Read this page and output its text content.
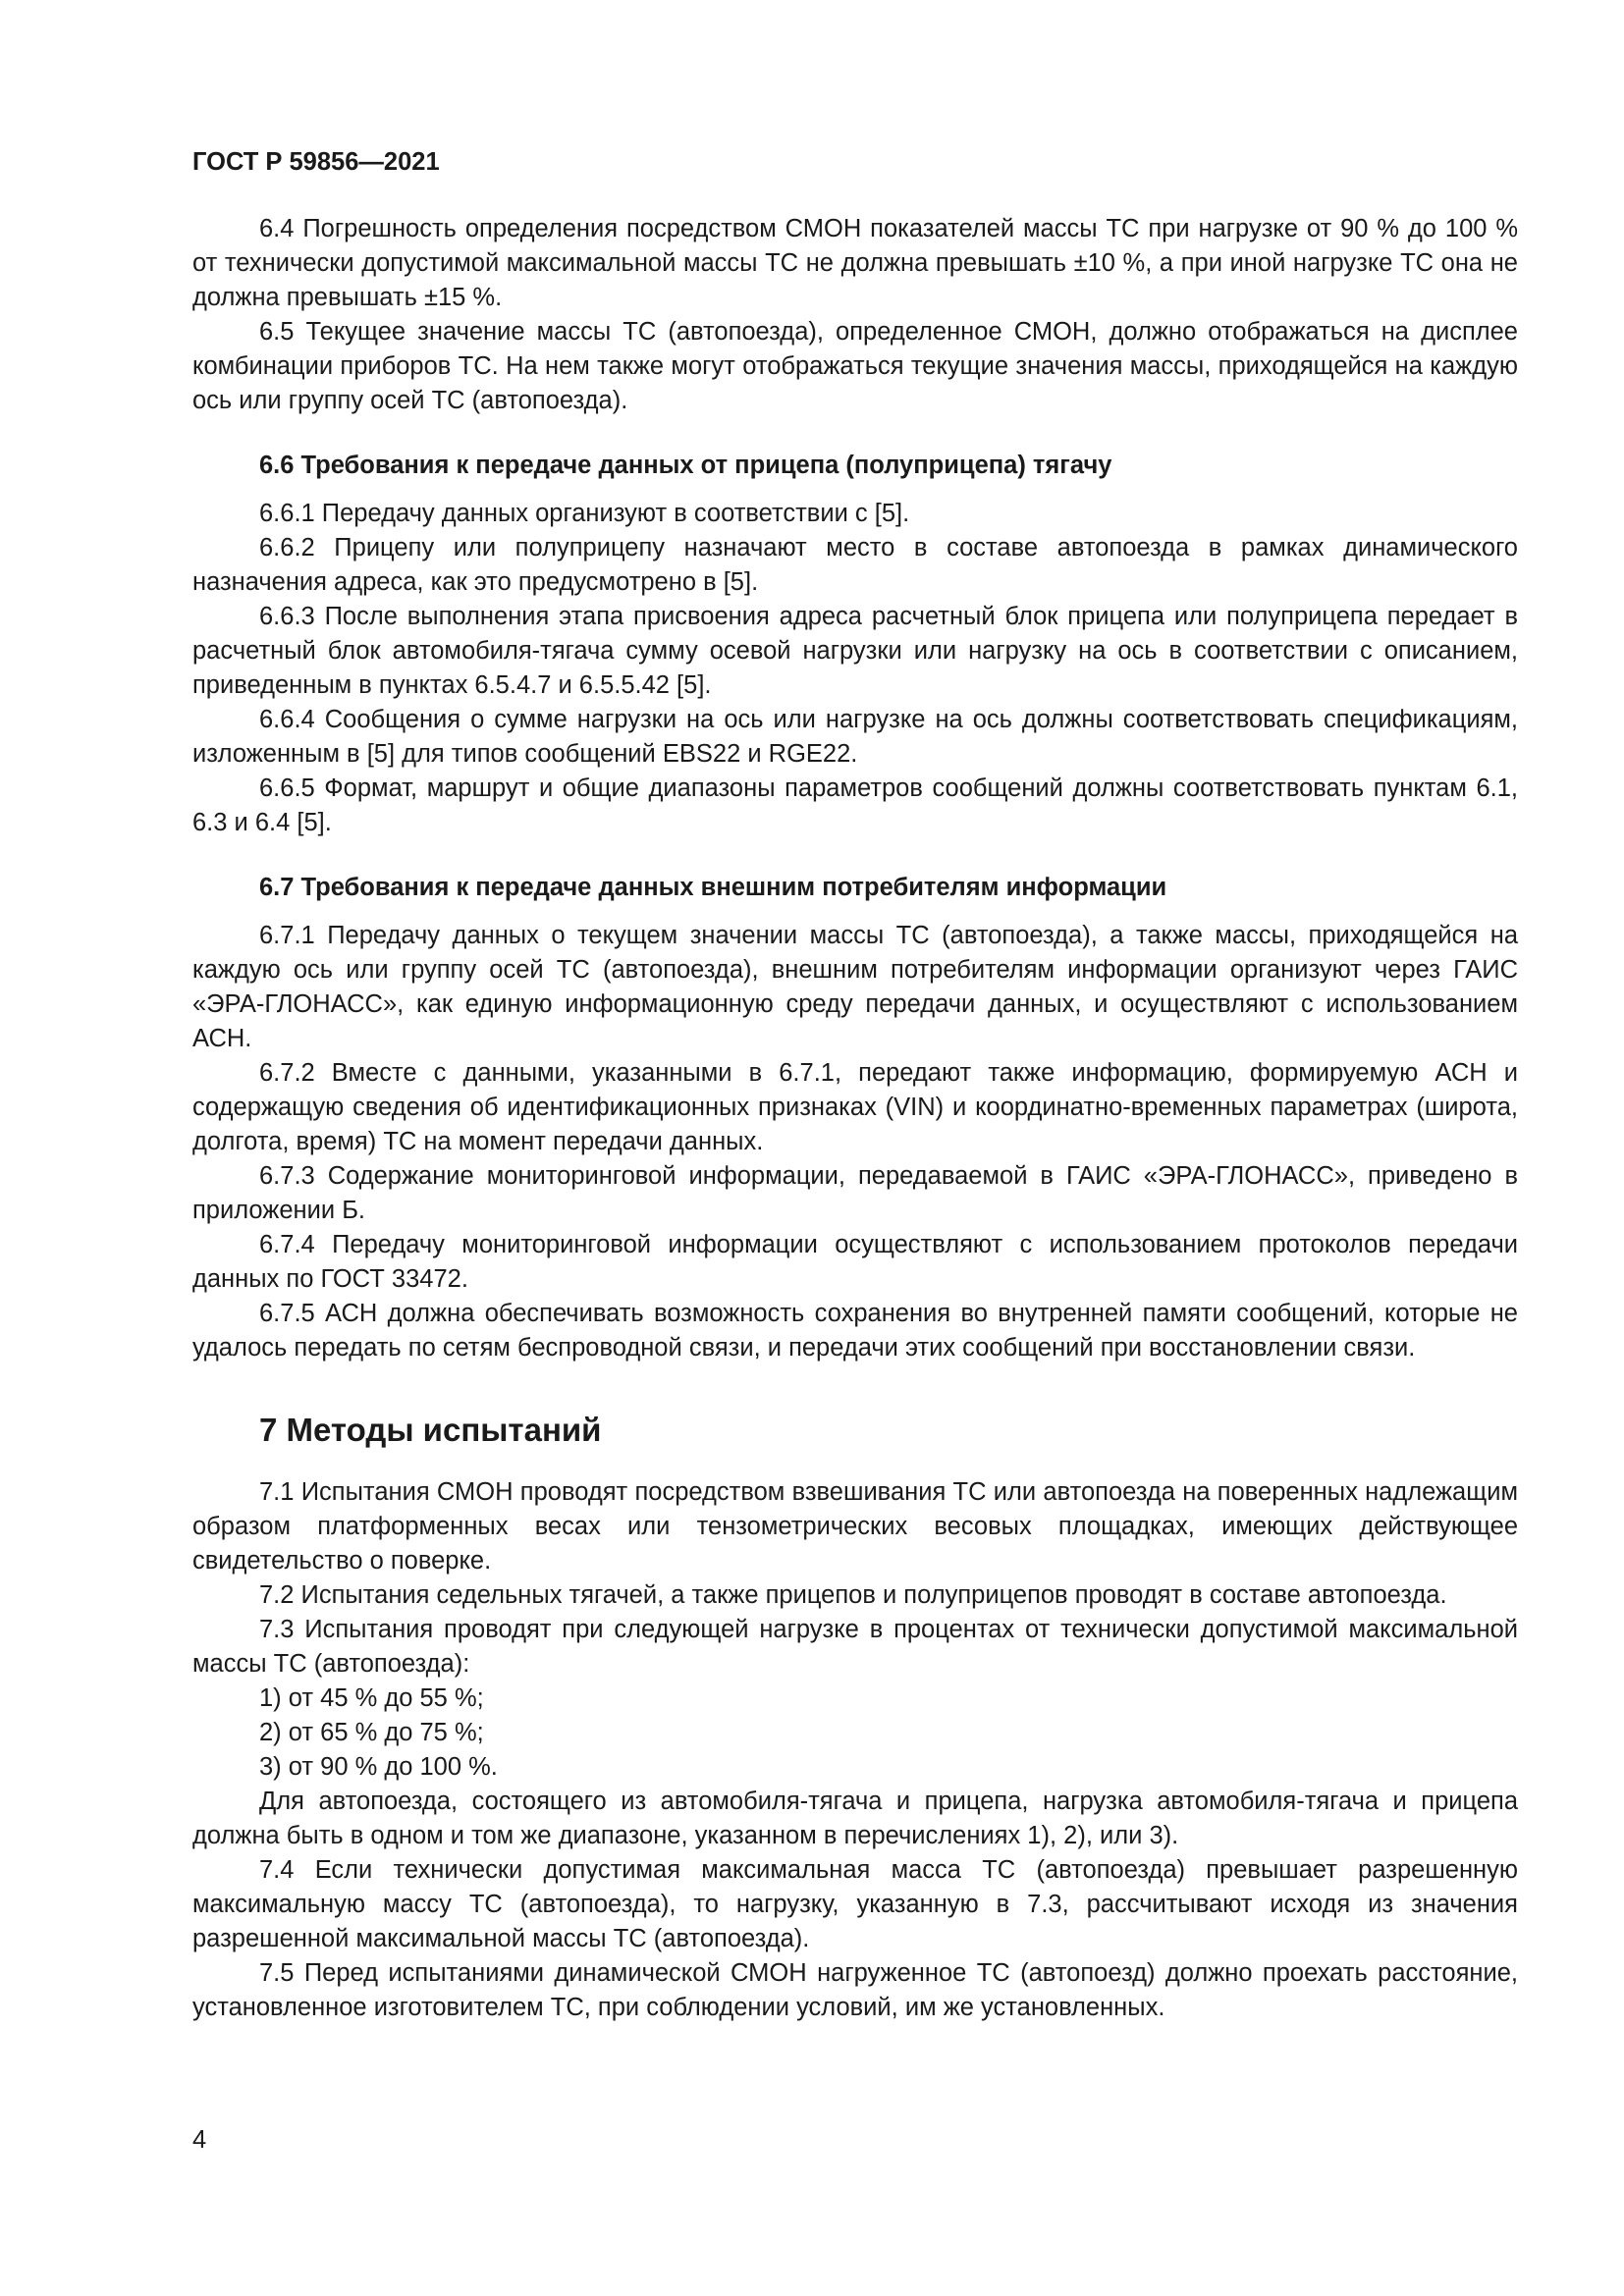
ГОСТ Р 59856—2021

6.4 Погрешность определения посредством СМОН показателей массы ТС при нагрузке от 90 % до 100 % от технически допустимой максимальной массы ТС не должна превышать ±10 %, а при иной нагрузке ТС она не должна превышать ±15 %.

6.5 Текущее значение массы ТС (автопоезда), определенное СМОН, должно отображаться на дисплее комбинации приборов ТС. На нем также могут отображаться текущие значения массы, приходящейся на каждую ось или группу осей ТС (автопоезда).

6.6 Требования к передаче данных от прицепа (полуприцепа) тягачу

6.6.1 Передачу данных организуют в соответствии с [5].

6.6.2 Прицепу или полуприцепу назначают место в составе автопоезда в рамках динамического назначения адреса, как это предусмотрено в [5].

6.6.3 После выполнения этапа присвоения адреса расчетный блок прицепа или полуприцепа передает в расчетный блок автомобиля-тягача сумму осевой нагрузки или нагрузку на ось в соответствии с описанием, приведенным в пунктах 6.5.4.7 и 6.5.5.42 [5].

6.6.4 Сообщения о сумме нагрузки на ось или нагрузке на ось должны соответствовать спецификациям, изложенным в [5] для типов сообщений EBS22 и RGE22.

6.6.5 Формат, маршрут и общие диапазоны параметров сообщений должны соответствовать пунктам 6.1, 6.3 и 6.4 [5].

6.7 Требования к передаче данных внешним потребителям информации

6.7.1 Передачу данных о текущем значении массы ТС (автопоезда), а также массы, приходящейся на каждую ось или группу осей ТС (автопоезда), внешним потребителям информации организуют через ГАИС «ЭРА-ГЛОНАСС», как единую информационную среду передачи данных, и осуществляют с использованием АСН.

6.7.2 Вместе с данными, указанными в 6.7.1, передают также информацию, формируемую АСН и содержащую сведения об идентификационных признаках (VIN) и координатно-временных параметрах (широта, долгота, время) ТС на момент передачи данных.

6.7.3 Содержание мониторинговой информации, передаваемой в ГАИС «ЭРА-ГЛОНАСС», приведено в приложении Б.

6.7.4 Передачу мониторинговой информации осуществляют с использованием протоколов передачи данных по ГОСТ 33472.

6.7.5 АСН должна обеспечивать возможность сохранения во внутренней памяти сообщений, которые не удалось передать по сетям беспроводной связи, и передачи этих сообщений при восстановлении связи.

7 Методы испытаний

7.1 Испытания СМОН проводят посредством взвешивания ТС или автопоезда на поверенных надлежащим образом платформенных весах или тензометрических весовых площадках, имеющих действующее свидетельство о поверке.

7.2 Испытания седельных тягачей, а также прицепов и полуприцепов проводят в составе автопоезда.

7.3 Испытания проводят при следующей нагрузке в процентах от технически допустимой максимальной массы ТС (автопоезда):

1) от 45 % до 55 %;

2) от 65 % до 75 %;

3) от 90 % до 100 %.

Для автопоезда, состоящего из автомобиля-тягача и прицепа, нагрузка автомобиля-тягача и прицепа должна быть в одном и том же диапазоне, указанном в перечислениях 1), 2), или 3).

7.4 Если технически допустимая максимальная масса ТС (автопоезда) превышает разрешенную максимальную массу ТС (автопоезда), то нагрузку, указанную в 7.3, рассчитывают исходя из значения разрешенной максимальной массы ТС (автопоезда).

7.5 Перед испытаниями динамической СМОН нагруженное ТС (автопоезд) должно проехать расстояние, установленное изготовителем ТС, при соблюдении условий, им же установленных.

4
